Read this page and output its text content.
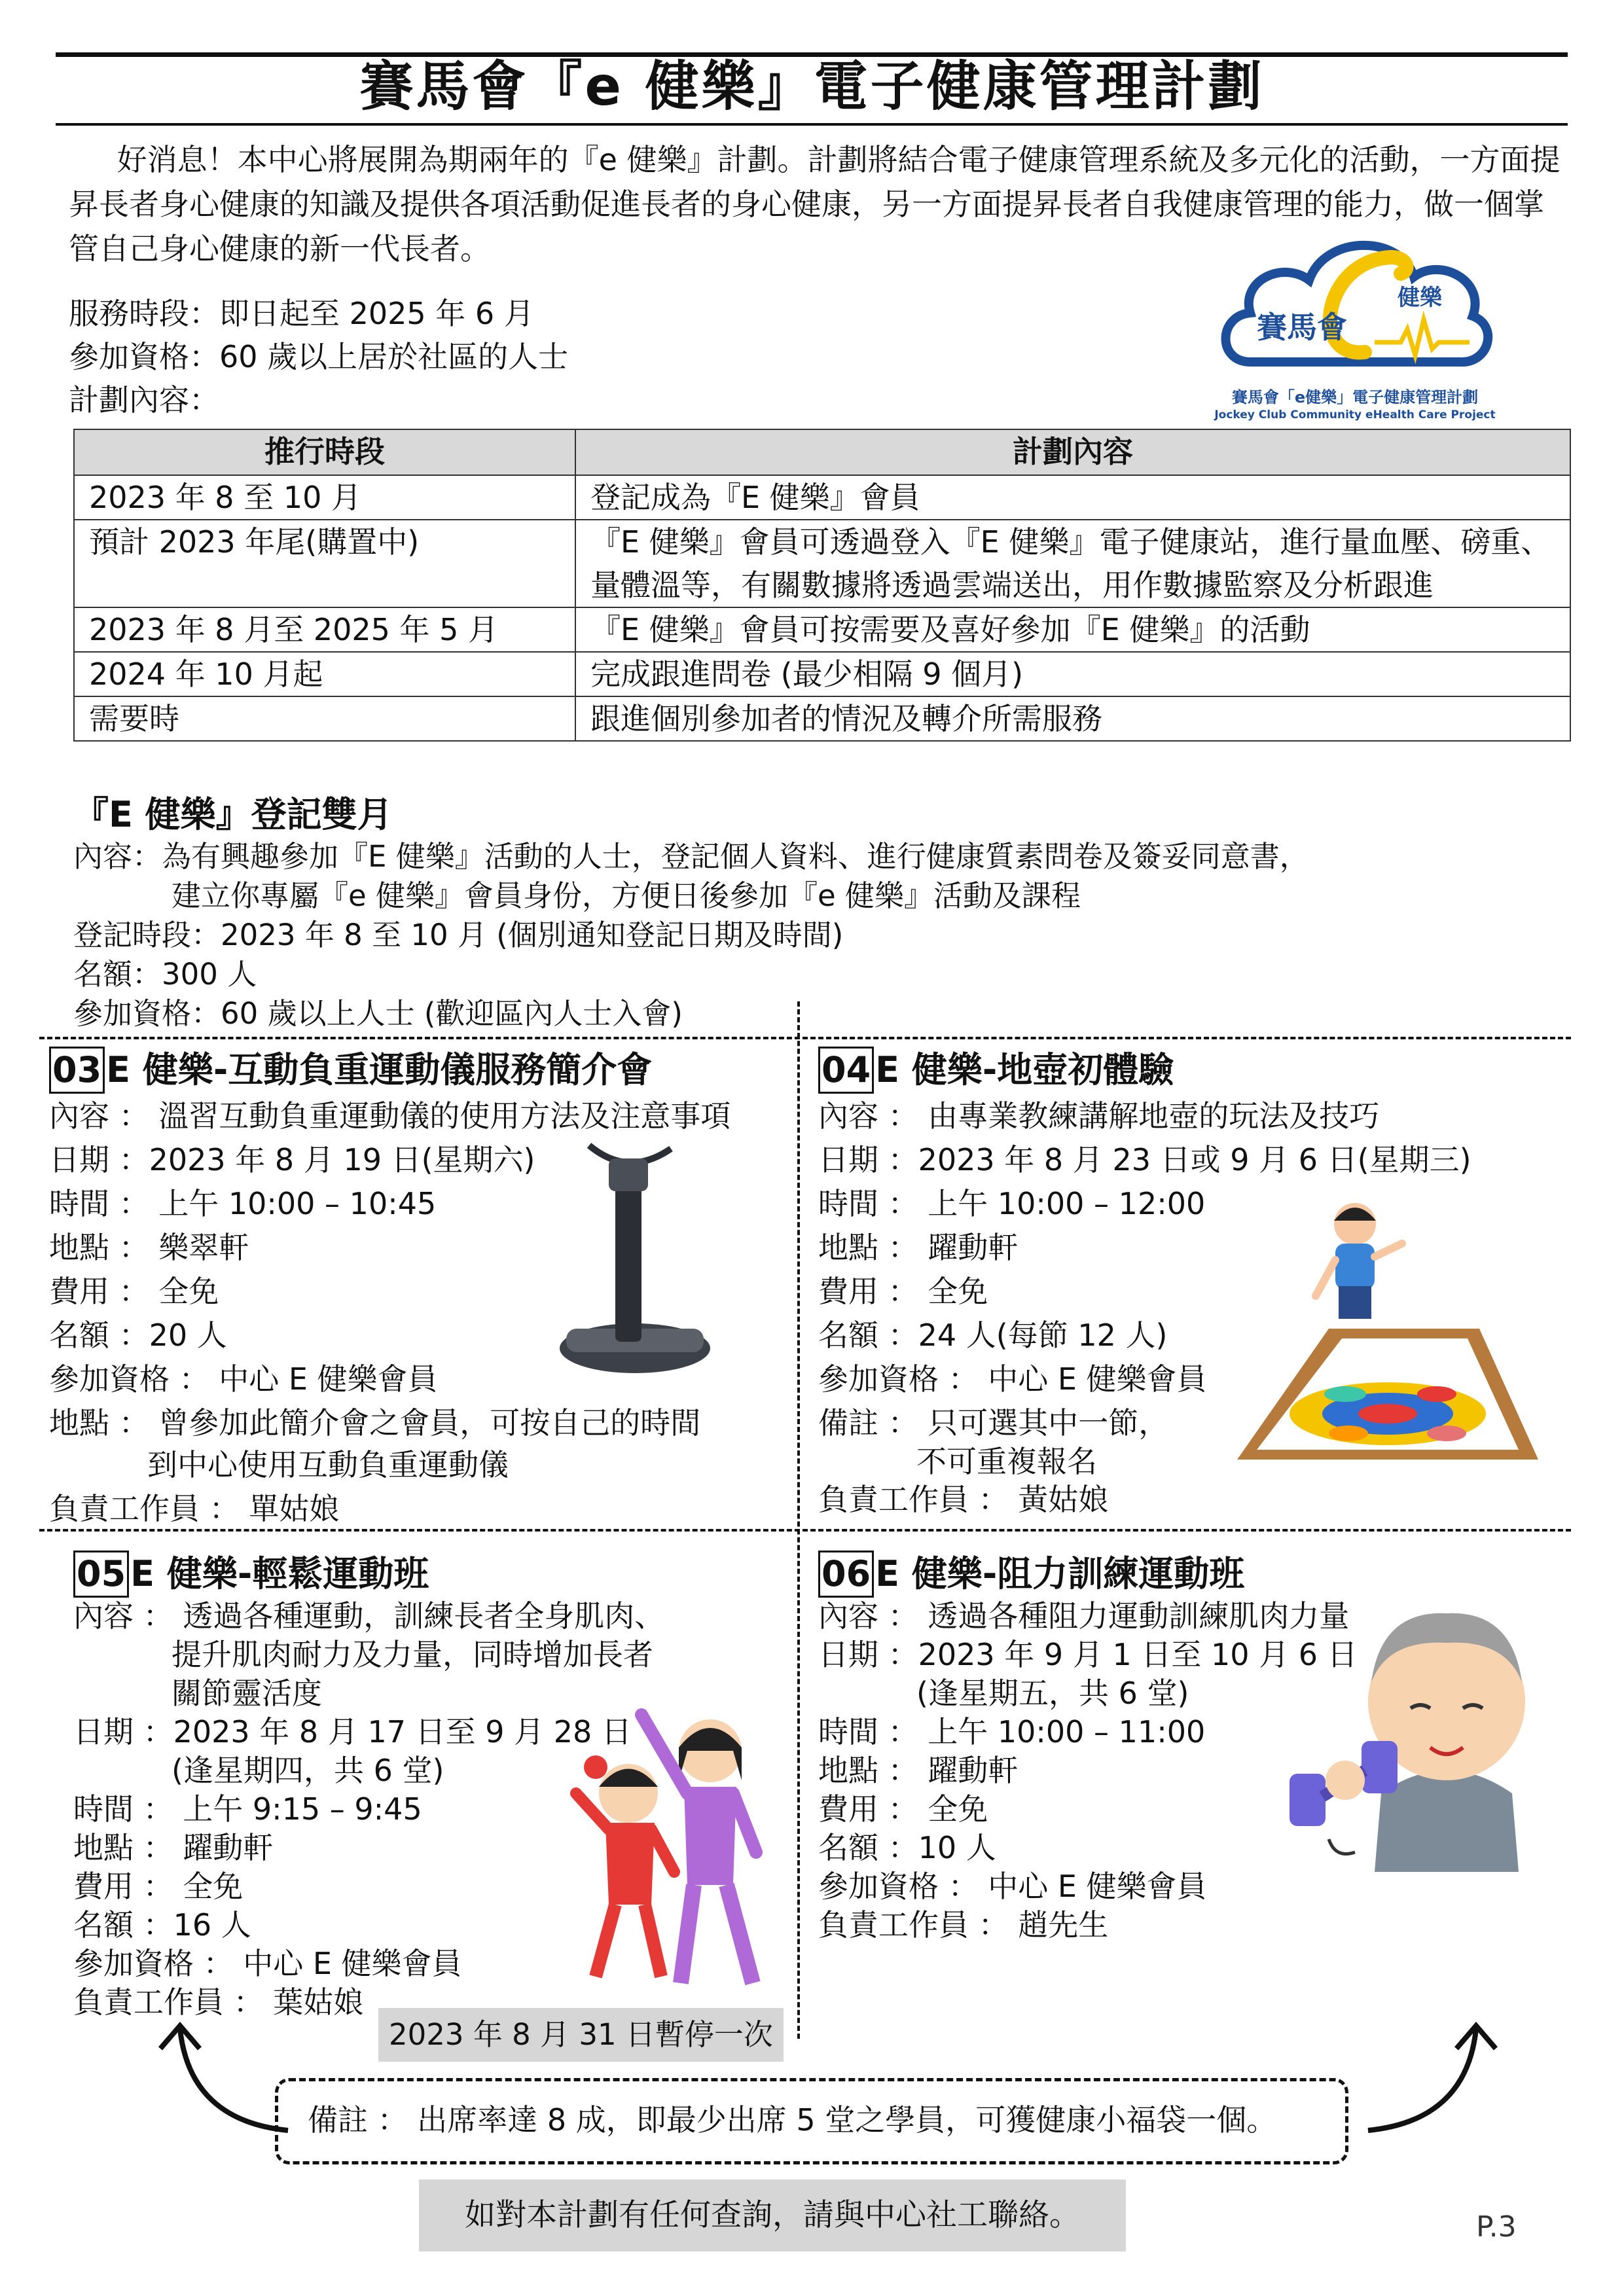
賽馬會『e 健樂』電子健康管理計劃
好消息！本中心將展開為期兩年的『e 健樂』計劃。計劃將結合電子健康管理系統及多元化的活動，一方面提昇長者身心健康的知識及提供各項活動促進長者的身心健康，另一方面提昇長者自我健康管理的能力，做一個掌管自己身心健康的新一代長者。
服務時段：即日起至 2025 年 6 月
參加資格：60 歲以上居於社區的人士
計劃內容：
賽馬會
健樂
賽馬會「e健樂」電子健康管理計劃
Jockey Club Community eHealth Care Project
推行時段	計劃內容
2023 年 8 至 10 月	登記成為『E 健樂』會員
預計 2023 年尾(購置中)	『E 健樂』會員可透過登入『E 健樂』電子健康站，進行量血壓、磅重、量體溫等，有關數據將透過雲端送出，用作數據監察及分析跟進
2023 年 8 月至 2025 年 5 月	『E 健樂』會員可按需要及喜好參加『E 健樂』的活動
2024 年 10 月起	完成跟進問卷 (最少相隔 9 個月)
需要時	跟進個別參加者的情況及轉介所需服務
『E 健樂』登記雙月
內容：為有興趣參加『E 健樂』活動的人士，登記個人資料、進行健康質素問卷及簽妥同意書，
建立你專屬『e 健樂』會員身份，方便日後參加『e 健樂』活動及課程
登記時段：2023 年 8 至 10 月 (個別通知登記日期及時間)
名額：300 人
參加資格：60 歲以上人士 (歡迎區內人士入會)
03 E 健樂-互動負重運動儀服務簡介會
內容 ： 溫習互動負重運動儀的使用方法及注意事項
日期 ：2023 年 8 月 19 日(星期六)
時間 ： 上午 10:00 – 10:45
地點 ： 樂翠軒
費用 ： 全免
名額 ：20 人
參加資格 ： 中心 E 健樂會員
地點 ： 曾參加此簡介會之會員，可按自己的時間
到中心使用互動負重運動儀
負責工作員 ： 單姑娘
04 E 健樂-地壺初體驗
內容 ： 由專業教練講解地壺的玩法及技巧
日期 ：2023 年 8 月 23 日或 9 月 6 日(星期三)
時間 ： 上午 10:00 – 12:00
地點 ： 躍動軒
費用 ： 全免
名額 ：24 人(每節 12 人)
參加資格 ： 中心 E 健樂會員
備註 ： 只可選其中一節，
不可重複報名
負責工作員 ： 黃姑娘
05 E 健樂-輕鬆運動班
內容 ： 透過各種運動，訓練長者全身肌肉、
提升肌肉耐力及力量，同時增加長者
關節靈活度
日期 ：2023 年 8 月 17 日至 9 月 28 日
(逢星期四，共 6 堂)
時間 ： 上午 9:15 – 9:45
地點 ： 躍動軒
費用 ： 全免
名額 ：16 人
參加資格 ： 中心 E 健樂會員
負責工作員 ： 葉姑娘
2023 年 8 月 31 日暫停一次
06 E 健樂-阻力訓練運動班
內容 ： 透過各種阻力運動訓練肌肉力量
日期 ：2023 年 9 月 1 日至 10 月 6 日
(逢星期五，共 6 堂)
時間 ： 上午 10:00 – 11:00
地點 ： 躍動軒
費用 ： 全免
名額 ：10 人
參加資格 ： 中心 E 健樂會員
負責工作員 ： 趙先生
備註 ： 出席率達 8 成，即最少出席 5 堂之學員，可獲健康小福袋一個。
如對本計劃有任何查詢，請與中心社工聯絡。	P.3
